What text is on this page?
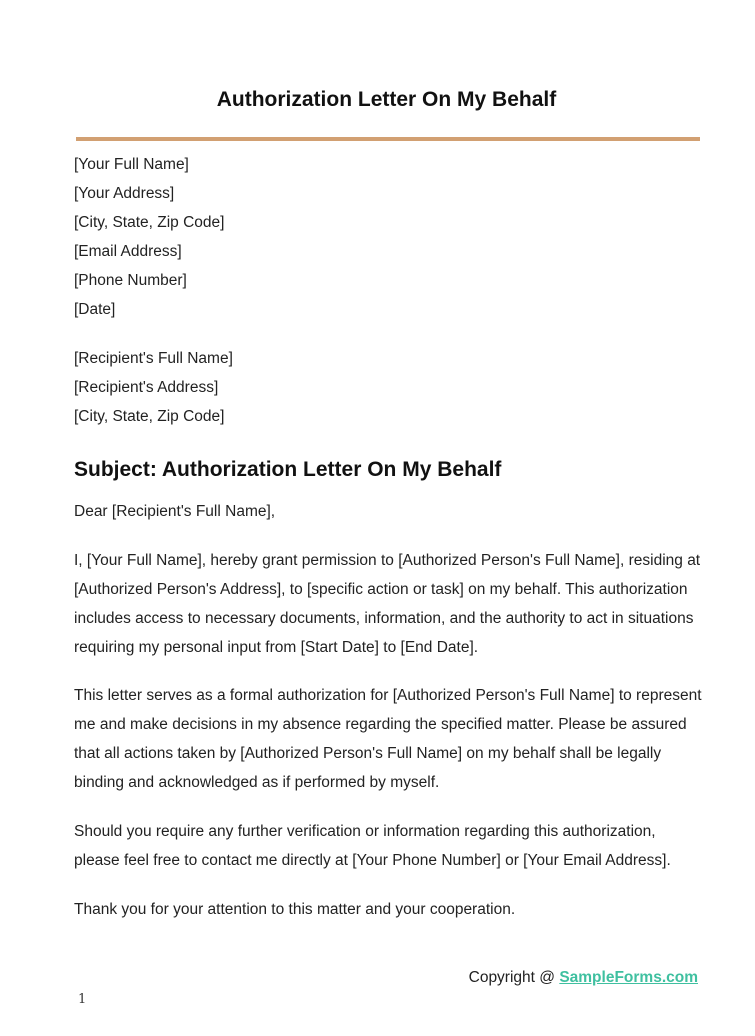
Authorization Letter On My Behalf
[Your Full Name]
[Your Address]
[City, State, Zip Code]
[Email Address]
[Phone Number]
[Date]
[Recipient's Full Name]
[Recipient's Address]
[City, State, Zip Code]
Subject: Authorization Letter On My Behalf

Dear [Recipient's Full Name],

I, [Your Full Name], hereby grant permission to [Authorized Person's Full Name], residing at [Authorized Person's Address], to [specific action or task] on my behalf. This authorization includes access to necessary documents, information, and the authority to act in situations requiring my personal input from [Start Date] to [End Date].

This letter serves as a formal authorization for [Authorized Person's Full Name] to represent me and make decisions in my absence regarding the specified matter. Please be assured that all actions taken by [Authorized Person's Full Name] on my behalf shall be legally binding and acknowledged as if performed by myself.

Should you require any further verification or information regarding this authorization, please feel free to contact me directly at [Your Phone Number] or [Your Email Address].

Thank you for your attention to this matter and your cooperation.

Copyright @ SampleForms.com
1
